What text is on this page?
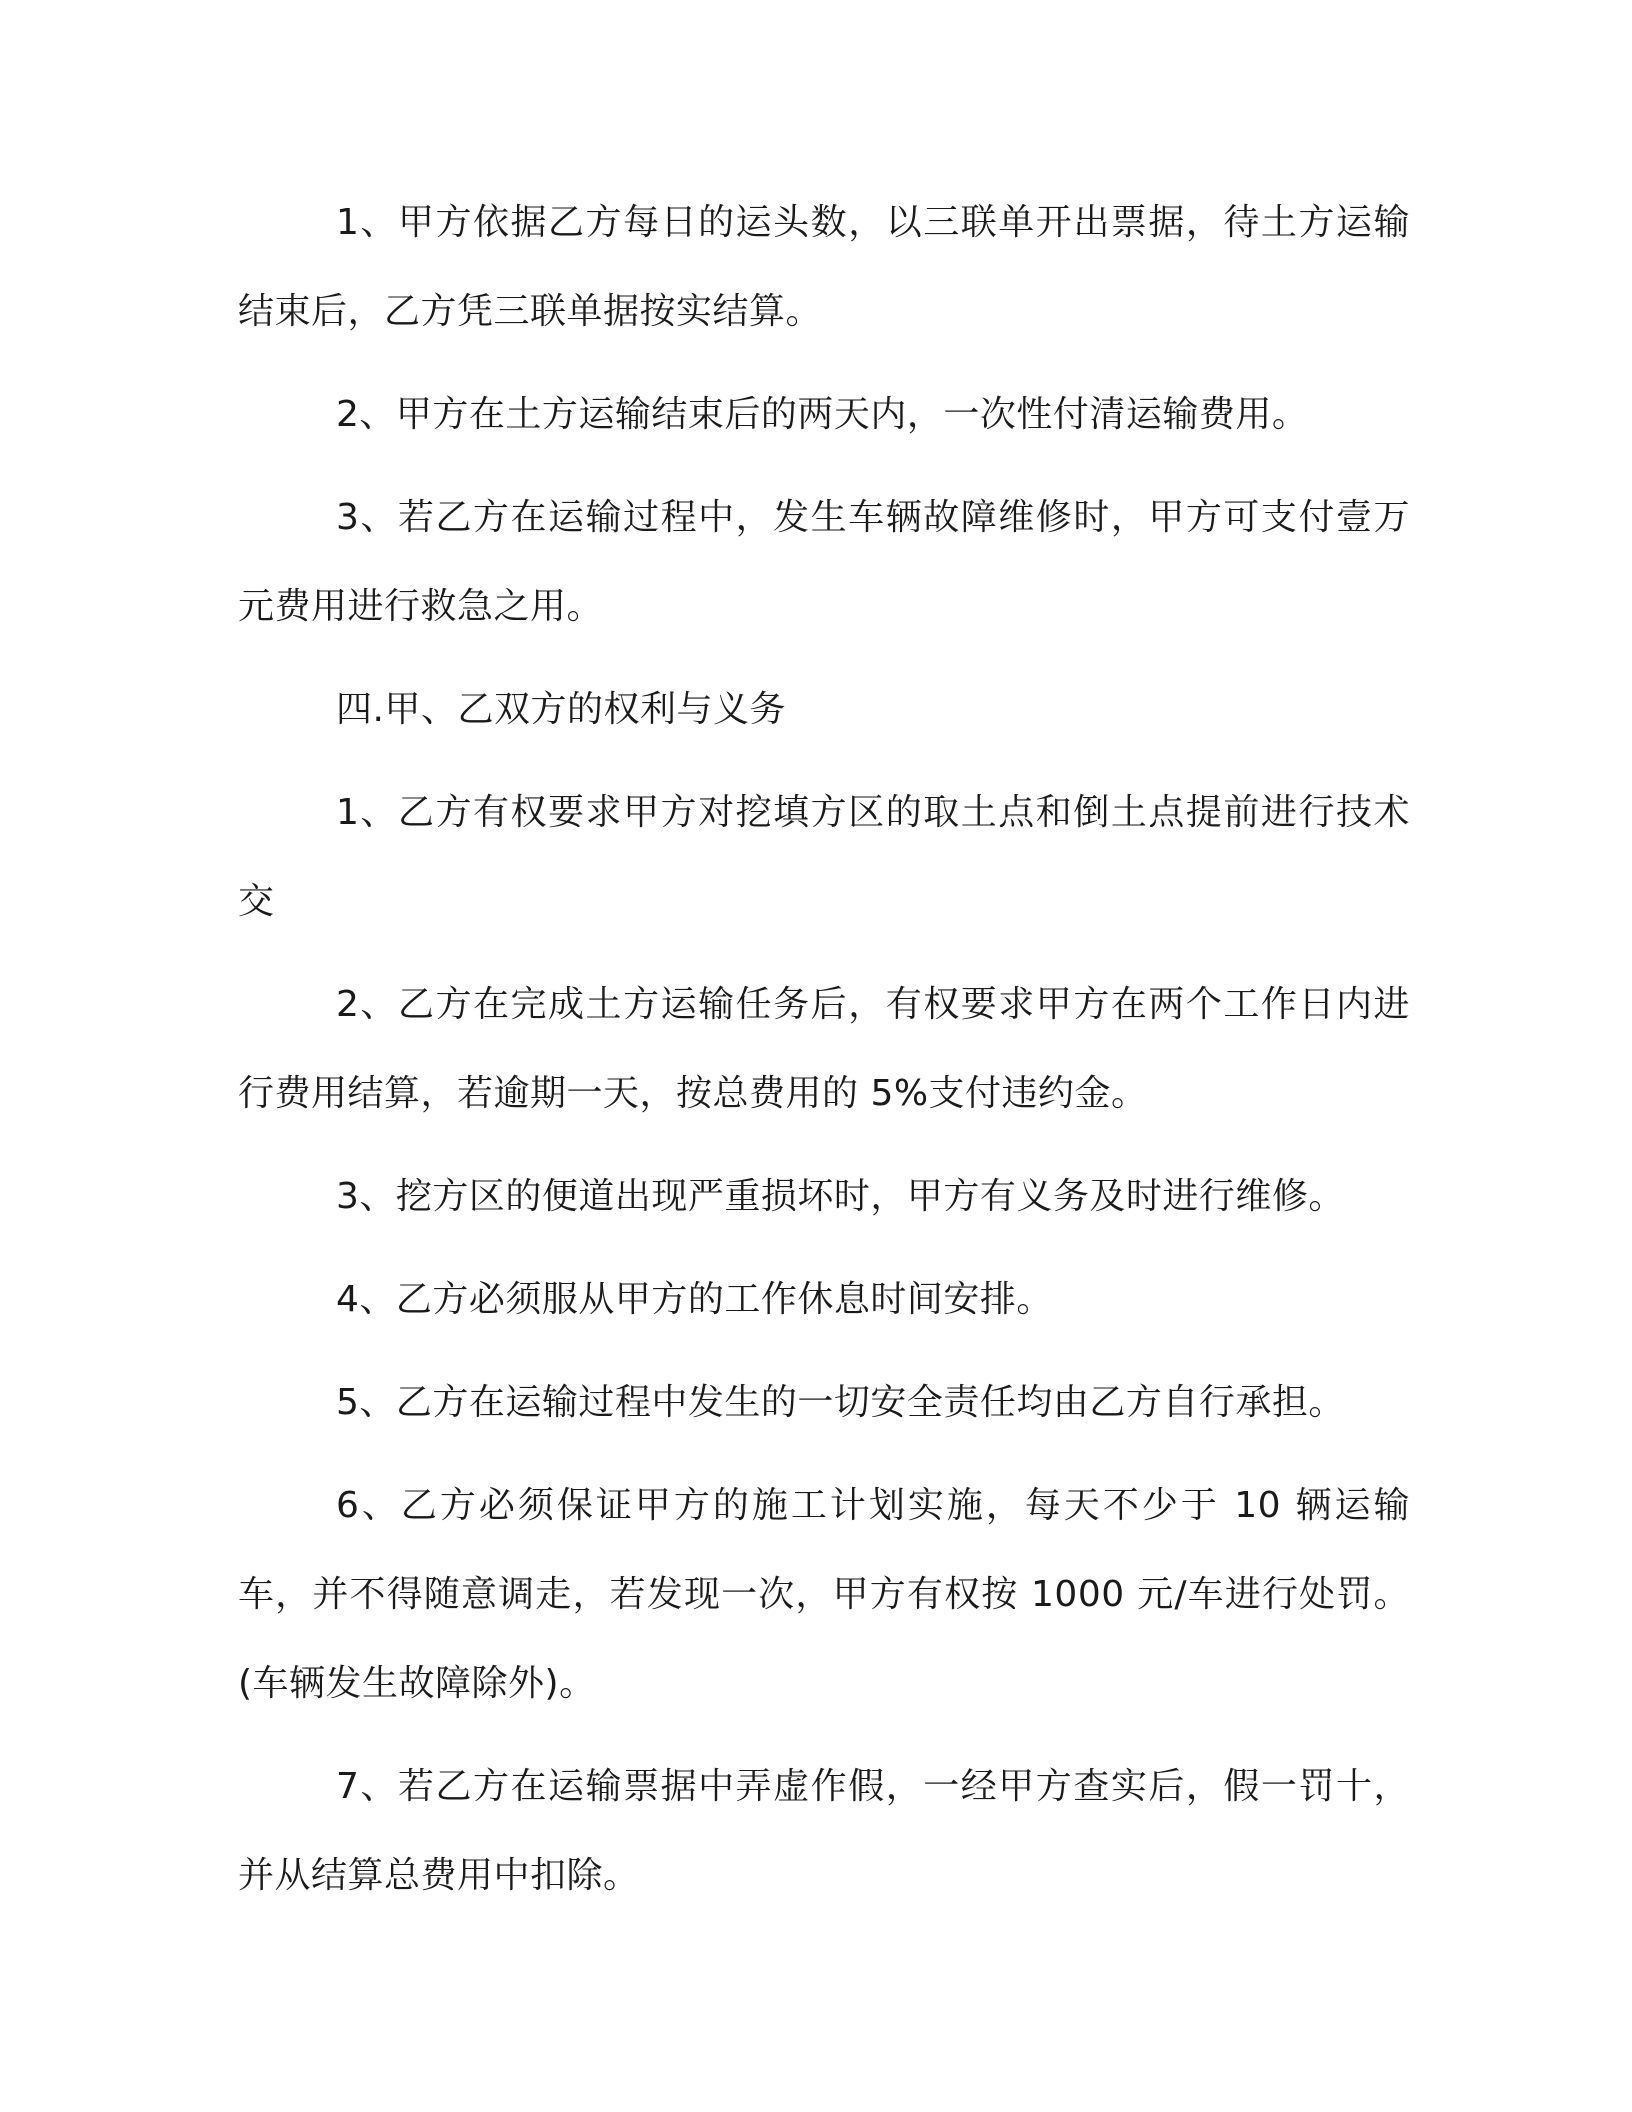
1、甲方依据乙方每日的运头数，以三联单开出票据，待土方运输结束后，乙方凭三联单据按实结算。

2、甲方在土方运输结束后的两天内，一次性付清运输费用。

3、若乙方在运输过程中，发生车辆故障维修时，甲方可支付壹万元费用进行救急之用。

四.甲、乙双方的权利与义务

1、乙方有权要求甲方对挖填方区的取土点和倒土点提前进行技术交

2、乙方在完成土方运输任务后，有权要求甲方在两个工作日内进行费用结算，若逾期一天，按总费用的 5%支付违约金。

3、挖方区的便道出现严重损坏时，甲方有义务及时进行维修。

4、乙方必须服从甲方的工作休息时间安排。

5、乙方在运输过程中发生的一切安全责任均由乙方自行承担。

6、乙方必须保证甲方的施工计划实施，每天不少于 10 辆运输车，并不得随意调走，若发现一次，甲方有权按 1000 元/车进行处罚。(车辆发生故障除外)。

7、若乙方在运输票据中弄虚作假，一经甲方查实后，假一罚十，并从结算总费用中扣除。
